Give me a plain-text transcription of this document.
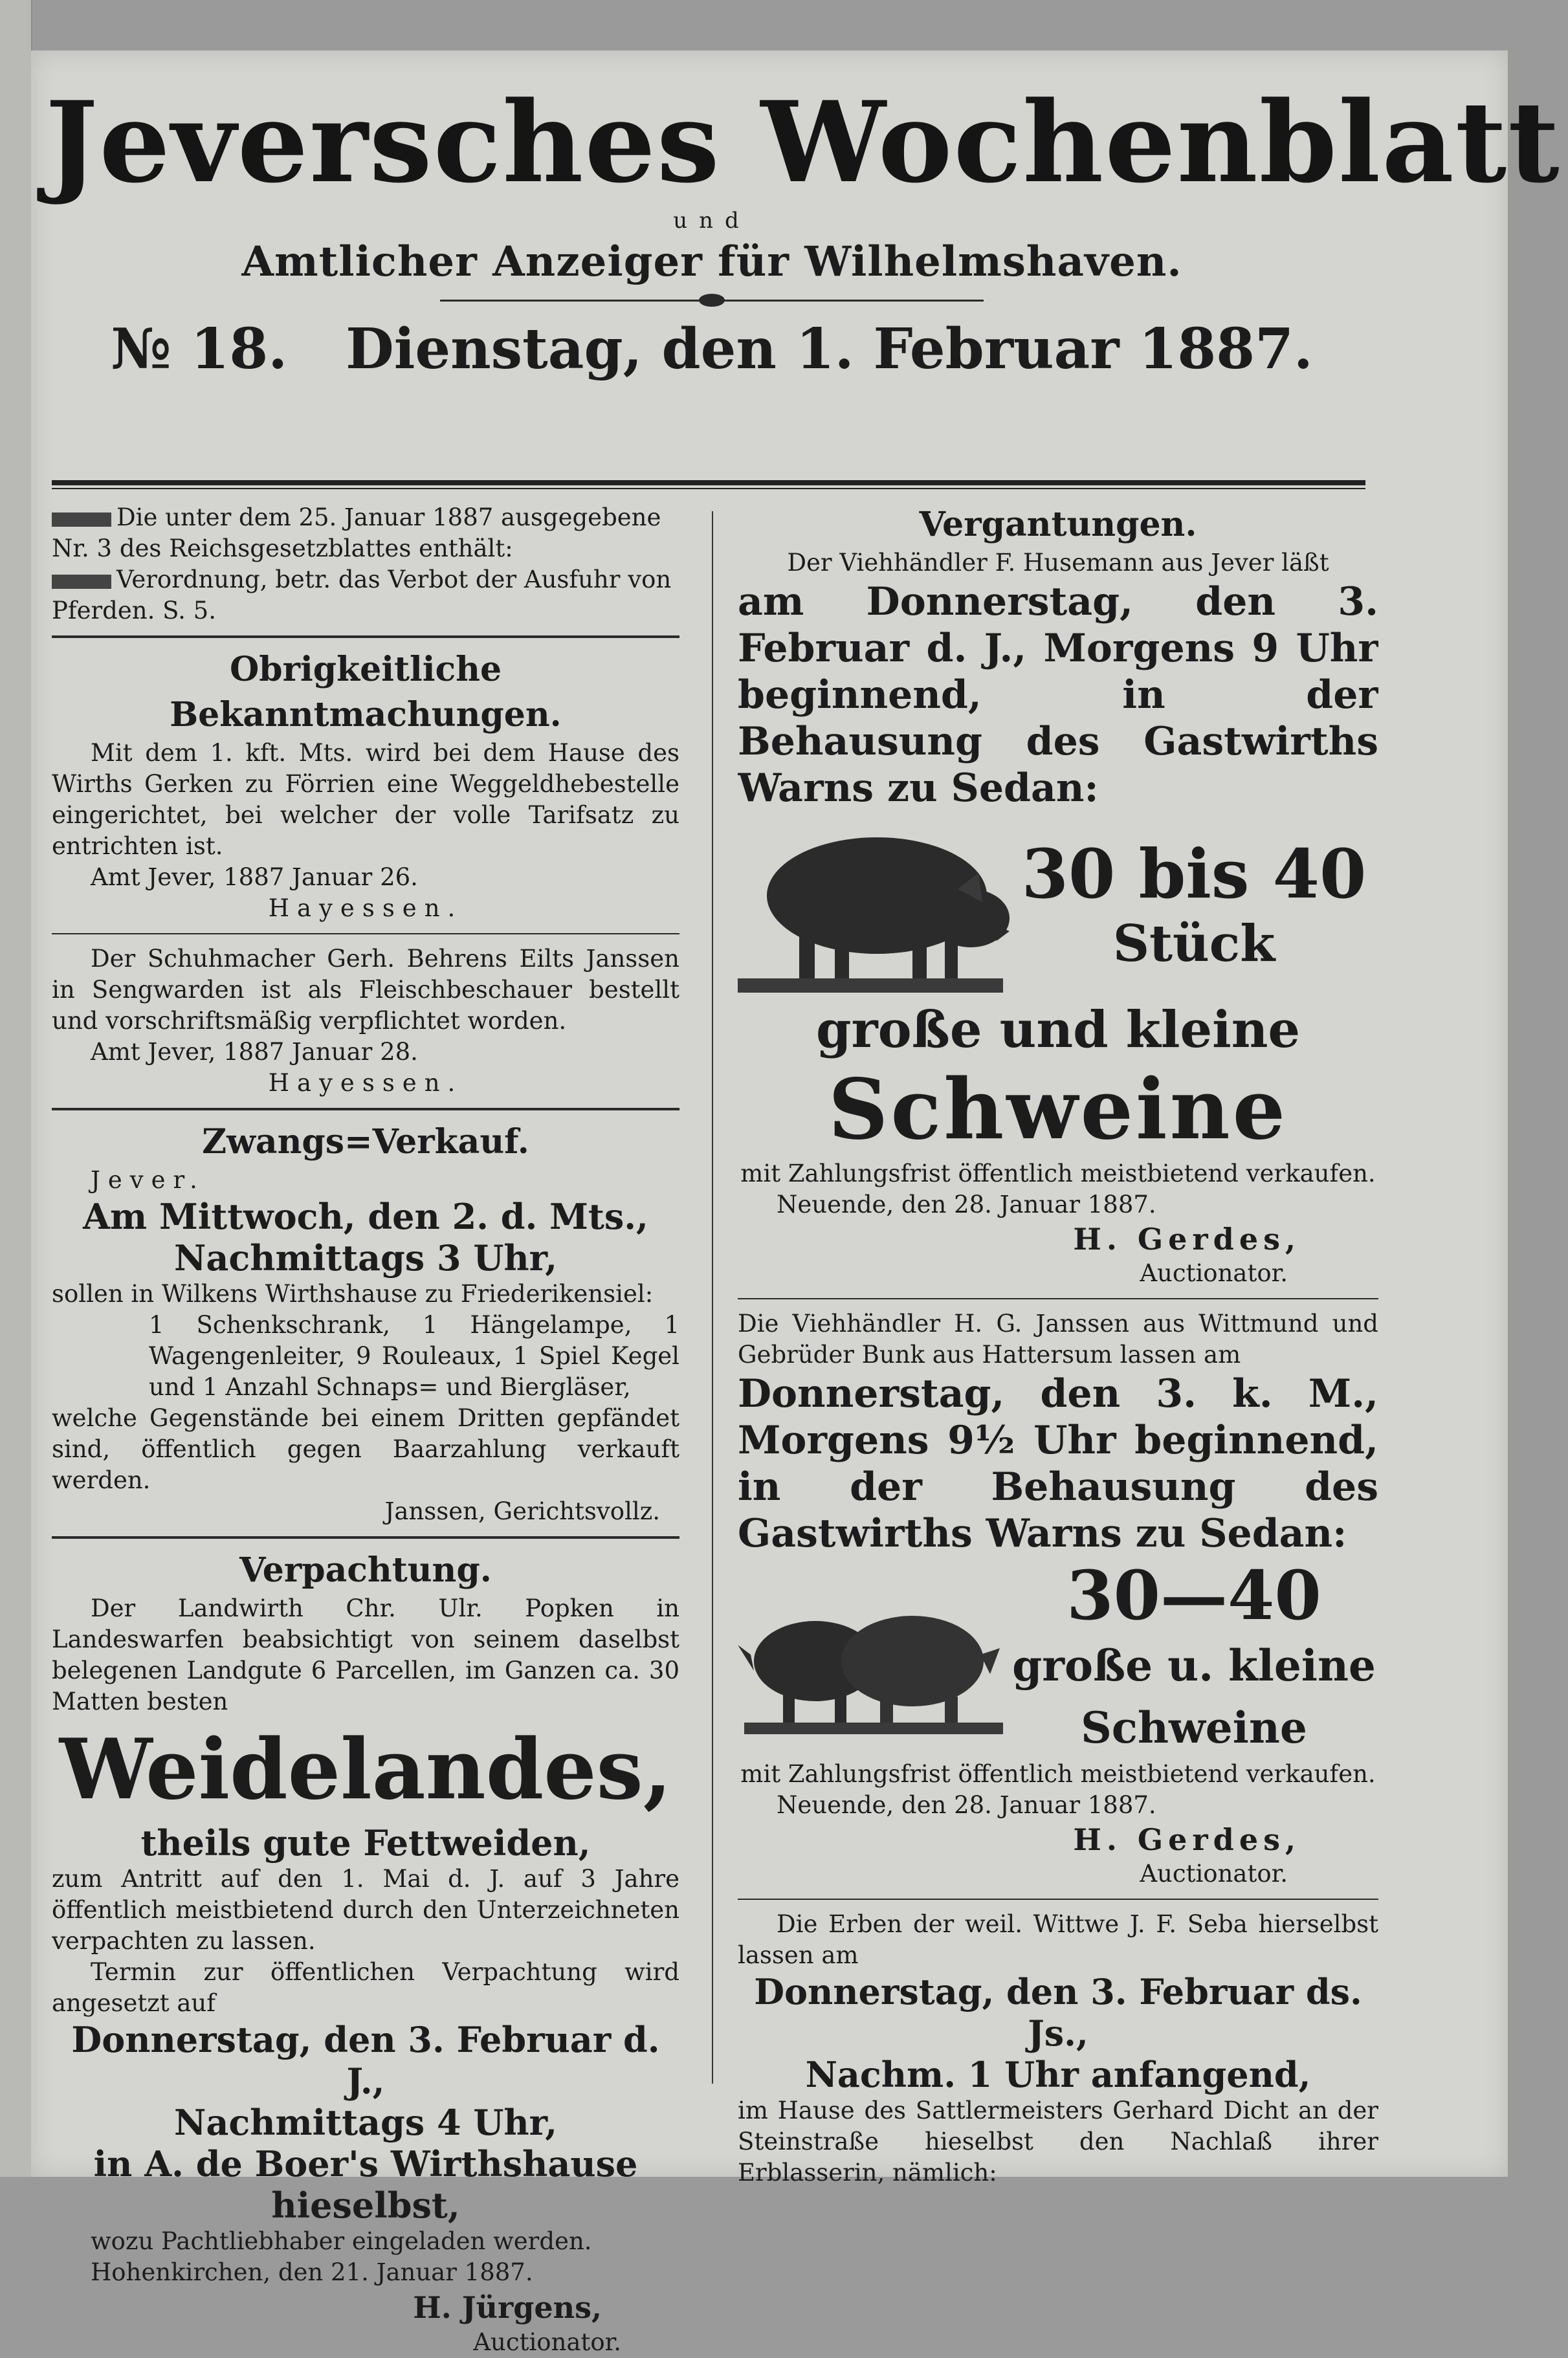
Jeversches Wochenblatt
und
Amtlicher Anzeiger für Wilhelmshaven.
№ 18. Dienstag, den 1. Februar 1887.

Die unter dem 25. Januar 1887 ausgegebene

Nr. 3 des Reichsgesetzblattes enthält:

Verordnung, betr. das Verbot der Ausfuhr von

Pferden. S. 5.

Obrigkeitliche Bekanntmachungen.

Mit dem 1. kft. Mts. wird bei dem Hause des Wirths Gerken zu Förrien eine Weggeldhebestelle eingerichtet, bei welcher der volle Tarifsatz zu entrichten ist.

Amt Jever, 1887 Januar 26.

Hayessen.

Der Schuhmacher Gerh. Behrens Eilts Janssen in Sengwarden ist als Fleischbeschauer bestellt und vorschriftsmäßig verpflichtet worden.

Amt Jever, 1887 Januar 28.

Hayessen.

Zwangs=Verkauf.

Jever.

Am Mittwoch, den 2. d. Mts.,

Nachmittags 3 Uhr,

sollen in Wilkens Wirthshause zu Friederikensiel:

1 Schenkschrank, 1 Hängelampe, 1 Wagengenleiter, 9 Rouleaux, 1 Spiel Kegel und 1 Anzahl Schnaps= und Biergläser,

welche Gegenstände bei einem Dritten gepfändet sind, öffentlich gegen Baarzahlung verkauft werden.

Janssen, Gerichtsvollz.

Verpachtung.

Der Landwirth Chr. Ulr. Popken in Landeswarfen beabsichtigt von seinem daselbst belegenen Landgute 6 Parcellen, im Ganzen ca. 30 Matten besten

Weidelandes,

theils gute Fettweiden,

zum Antritt auf den 1. Mai d. J. auf 3 Jahre öffentlich meistbietend durch den Unterzeichneten verpachten zu lassen.

Termin zur öffentlichen Verpachtung wird angesetzt auf

Donnerstag, den 3. Februar d. J.,

Nachmittags 4 Uhr,

in A. de Boer's Wirthshause hieselbst,

wozu Pachtliebhaber eingeladen werden.

Hohenkirchen, den 21. Januar 1887.

H. Jürgens,

Auctionator.

Vergantungen.

Der Viehhändler F. Husemann aus Jever läßt

am Donnerstag, den 3. Februar d. J., Morgens 9 Uhr beginnend, in der Behausung des Gastwirths Warns zu Sedan:

30 bis 40

Stück

große und kleine

Schweine

mit Zahlungsfrist öffentlich meistbietend verkaufen.

Neuende, den 28. Januar 1887.

H. Gerdes,

Auctionator.

Die Viehhändler H. G. Janssen aus Wittmund und Gebrüder Bunk aus Hattersum lassen am

Donnerstag, den 3. k. M., Morgens 9½ Uhr beginnend, in der Behausung des Gastwirths Warns zu Sedan:

30—40

große u. kleine

Schweine

mit Zahlungsfrist öffentlich meistbietend verkaufen.

Neuende, den 28. Januar 1887.

H. Gerdes,

Auctionator.

Die Erben der weil. Wittwe J. F. Seba hierselbst lassen am

Donnerstag, den 3. Februar ds. Js.,

Nachm. 1 Uhr anfangend,

im Hause des Sattlermeisters Gerhard Dicht an der Steinstraße hieselbst den Nachlaß ihrer Erblasserin, nämlich:
